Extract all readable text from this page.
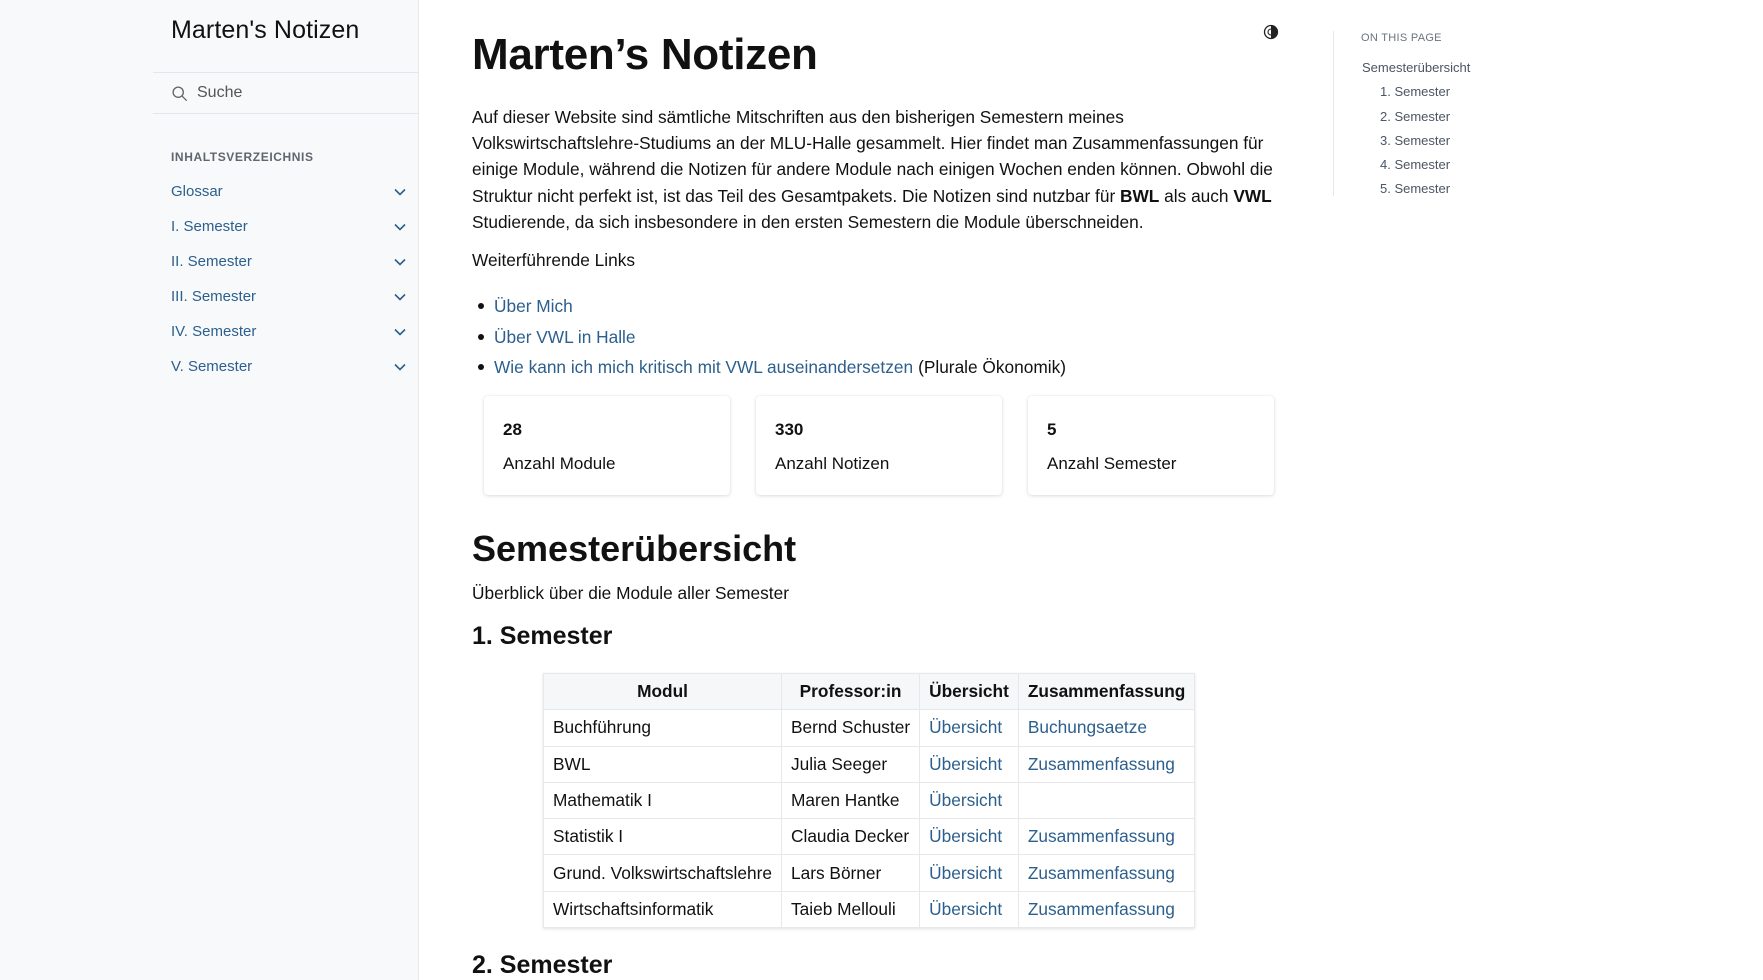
Marten's Notizen
Suche
INHALTSVERZEICHNIS
Glossar
I. Semester
II. Semester
III. Semester
IV. Semester
V. Semester
Marten’s Notizen

Auf dieser Website sind sämtliche Mitschriften aus den bisherigen Semestern meines Volkswirtschaftslehre-Studiums an der MLU-Halle gesammelt. Hier findet man Zusammenfassungen für einige Module, während die Notizen für andere Module nach einigen Wochen enden können. Obwohl die Struktur nicht perfekt ist, ist das Teil des Gesamtpakets. Die Notizen sind nutzbar für BWL als auch VWL Studierende, da sich insbesondere in den ersten Semestern die Module überschneiden.

Weiterführende Links
Über Mich
Über VWL in Halle
Wie kann ich mich kritisch mit VWL auseinandersetzen (Plurale Ökonomik)
28
Anzahl Module
330
Anzahl Notizen
5
Anzahl Semester
Semesterübersicht
Überblick über die Module aller Semester
1. Semester
Modul	Professor:in	Übersicht	Zusammenfassung
Buchführung	Bernd Schuster	Übersicht	Buchungsaetze
BWL	Julia Seeger	Übersicht	Zusammenfassung
Mathematik I	Maren Hantke	Übersicht	
Statistik I	Claudia Decker	Übersicht	Zusammenfassung
Grund. Volkswirtschaftslehre	Lars Börner	Übersicht	Zusammenfassung
Wirtschaftsinformatik	Taieb Mellouli	Übersicht	Zusammenfassung
2. Semester
ON THIS PAGE
Semesterübersicht
1. Semester
2. Semester
3. Semester
4. Semester
5. Semester
